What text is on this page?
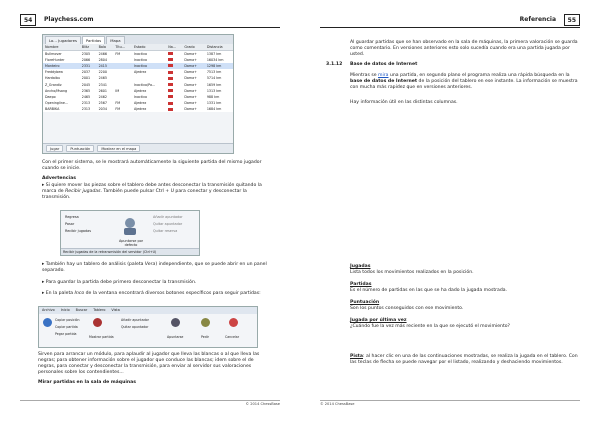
54	Playchess.com
Lo... Jugadores	Partidas	Mapa
Nombre	Blitz	Bala	Titu...	Estado	Na...	Grado	Distancia
Bullmover	2305	2466	FM	Inactivo		Dama+	1387 km
FloreHunter	2066	2804		Inactivo		Dama+	16034 km
Monteiro	2331	2415		Inactivo		Dama+	1298 km
Freddybew	2037	2200		Ajedrez		Dama+	7513 km
Hardaibu	2001	2465				Dama+	5714 km
Z_Grandiz	2045	2341		Inactivo/Pa...		Dama+	1659 km
Ancho/Msang	2365	2601	IM	Ajedrez		Dama+	1313 km
Daepo	2465	2462		Inactivo		Dama+	988 km
Openingline...	2313	2567	FM	Ajedrez		Dama+	1331 km
BARBIKA	2313	2034	FM	Ajedrez		Dama+	1684 km
Jugar	Puntuación	Mostrar en el mapa

Con el primer sistema, se le mostrará automáticamente la siguiente partida del mismo jugador cuando se inicie.

Advertencias

▸ Si quiere mover las piezas sobre el tablero debe antes desconectar la transmisión quitando la marca de Recibir jugadas. También puede pulsar Ctrl + U para conectar y desconectar la transmisión.

Regresa
Pasar
Recibir jugadas
Apuntarse por defecto
Añadir apuntador
Quitar apuntador
Quitar reserva
Recibir jugadas de la retransmisión del servidor (Ctrl+U)

▸ También hay un tablero de análisis (paleta Vera) independiente, que se puede abrir en un panel separado.

▸ Para guardar la partida debe primero desconectar la transmisión.

▸ En la paleta Inco de la ventana encontrará diversos botones específicos para seguir partidas:

Archivo Inicio Buscar Tablero Vista
Copiar posición
Copiar partida
Pegar partida
Mostrar partida
Añadir apuntador
Quitar apuntador
Apuntarse	Pedir	Cancelar

Sirven para arrancar un módulo, para aplaudir al jugador que lleva las blancas o al que lleva las negras; para obtener información sobre el jugador que conduce las blancas; idem sobre el de negras, para conectar y desconectar la transmisión, para enviar al servidor sus valoraciones personales sobre los contendientes...

Mirar partidas en la sala de máquinas

© 2014 ChessBase
Referencia	55

Al guardar partidas que se han observado en la sala de máquinas, la primera valoración se guarda como comentario. En versiones anteriores esto solo sucedía cuando era una partida jugada por usted.

3.1.12 Base de datos de Internet

Mientras se mira una partida, en segundo plano el programa realiza una rápida búsqueda en la base de datos de Internet de la posición del tablero en ese instante. La información se muestra con mucha más rapidez que en versiones anteriores.

Hay información útil en las distintas columnas.

Jugadas

Lista todos los movimientos realizados en la posición.

Partidas

Es el número de partidas en las que se ha dado la jugada mostrada.

Puntuación

Son los puntos conseguidos con ese movimiento.

Jugada por última vez

¿Cuándo fue la vez más reciente en la que se ejecutó el movimiento?

Pista: al hacer clic en una de las continuaciones mostradas, se realiza la jugada en el tablero. Con las teclas de flecha se puede navegar por el listado, realizando y deshaciendo movimientos.

© 2014 ChessBase
